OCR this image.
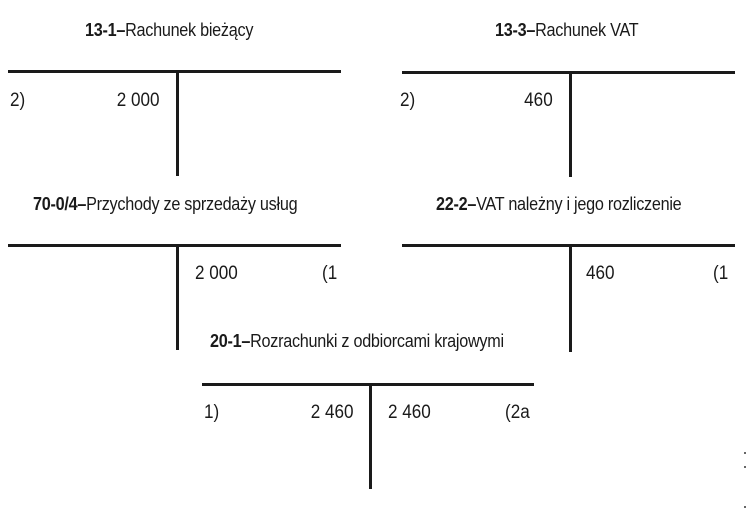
13-1–Rachunek bieżący
2)	2 000
13-3–Rachunek VAT
2)	460
70-0/4–Przychody ze sprzedaży usług
2 000	(1
22-2–VAT należny i jego rozliczenie
460	(1
20-1–Rozrachunki z odbiorcami krajowymi
1)	2 460 2 460	(2a
